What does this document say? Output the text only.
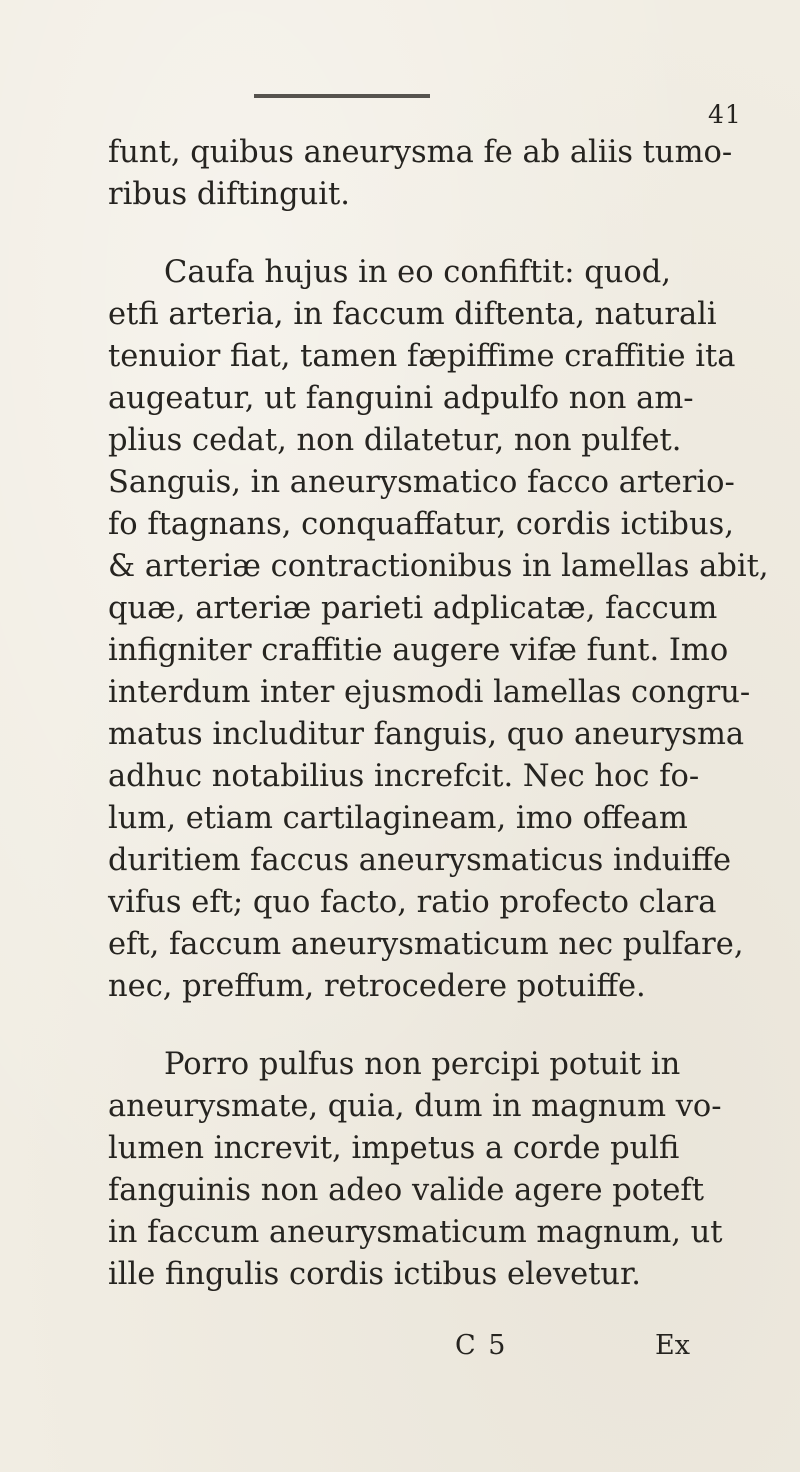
41
funt, quibus aneurysma fe ab aliis tumo-
ribus diftinguit.
Caufa hujus in eo confiftit: quod,
etfi arteria, in faccum diftenta, naturali
tenuior fiat, tamen fæpiffime craffitie ita
augeatur, ut fanguini adpulfo non am-
plius cedat, non dilatetur, non pulfet.
Sanguis, in aneurysmatico facco arterio-
fo ftagnans, conquaffatur, cordis ictibus,
& arteriæ contractionibus in lamellas abit,
quæ, arteriæ parieti adplicatæ, faccum
infigniter craffitie augere vifæ funt. Imo
interdum inter ejusmodi lamellas congru-
matus includitur fanguis, quo aneurysma
adhuc notabilius increfcit. Nec hoc fo-
lum, etiam cartilagineam, imo offeam
duritiem faccus aneurysmaticus induiffe
vifus eft; quo facto, ratio profecto clara
eft, faccum aneurysmaticum nec pulfare,
nec, preffum, retrocedere potuiffe.
Porro pulfus non percipi potuit in
aneurysmate, quia, dum in magnum vo-
lumen increvit, impetus a corde pulfi
fanguinis non adeo valide agere poteft
in faccum aneurysmaticum magnum, ut
ille fingulis cordis ictibus elevetur.
C 5	Ex
